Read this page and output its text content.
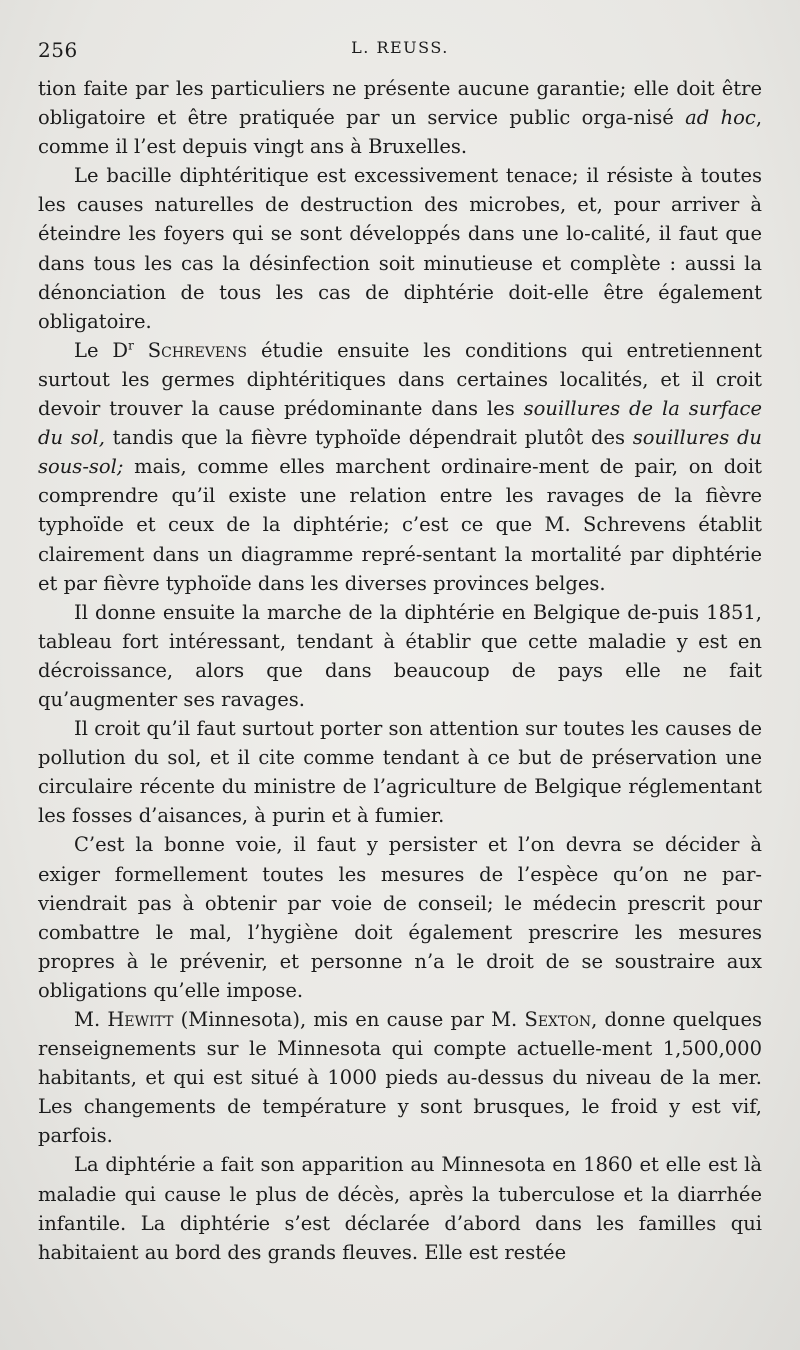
256	L. REUSS.

tion faite par les particuliers ne présente aucune garantie; elle doit être obligatoire et être pratiquée par un service public orga-nisé ad hoc, comme il l’est depuis vingt ans à Bruxelles.

Le bacille diphtéritique est excessivement tenace; il résiste à toutes les causes naturelles de destruction des microbes, et, pour arriver à éteindre les foyers qui se sont développés dans une lo-calité, il faut que dans tous les cas la désinfection soit minutieuse et complète : aussi la dénonciation de tous les cas de diphtérie doit-elle être également obligatoire.

Le $D^r$ Schrevens étudie ensuite les conditions qui entretiennent surtout les germes diphtéritiques dans certaines localités, et il croit devoir trouver la cause prédominante dans les souillures de la surface du sol, tandis que la fièvre typhoïde dépendrait plutôt des souillures du sous-sol; mais, comme elles marchent ordinaire-ment de pair, on doit comprendre qu’il existe une relation entre les ravages de la fièvre typhoïde et ceux de la diphtérie; c’est ce que M. Schrevens établit clairement dans un diagramme repré-sentant la mortalité par diphtérie et par fièvre typhoïde dans les diverses provinces belges.

Il donne ensuite la marche de la diphtérie en Belgique de-puis 1851, tableau fort intéressant, tendant à établir que cette maladie y est en décroissance, alors que dans beaucoup de pays elle ne fait qu’augmenter ses ravages.

Il croit qu’il faut surtout porter son attention sur toutes les causes de pollution du sol, et il cite comme tendant à ce but de préservation une circulaire récente du ministre de l’agriculture de Belgique réglementant les fosses d’aisances, à purin et à fumier.

C’est la bonne voie, il faut y persister et l’on devra se décider à exiger formellement toutes les mesures de l’espèce qu’on ne par-viendrait pas à obtenir par voie de conseil; le médecin prescrit pour combattre le mal, l’hygiène doit également prescrire les mesures propres à le prévenir, et personne n’a le droit de se soustraire aux obligations qu’elle impose.

M. Hewitt (Minnesota), mis en cause par M. Sexton, donne quelques renseignements sur le Minnesota qui compte actuelle-ment 1,500,000 habitants, et qui est situé à 1000 pieds au-dessus du niveau de la mer. Les changements de température y sont brusques, le froid y est vif, parfois.

La diphtérie a fait son apparition au Minnesota en 1860 et elle est là maladie qui cause le plus de décès, après la tuberculose et la diarrhée infantile. La diphtérie s’est déclarée d’abord dans les familles qui habitaient au bord des grands fleuves. Elle est restée
